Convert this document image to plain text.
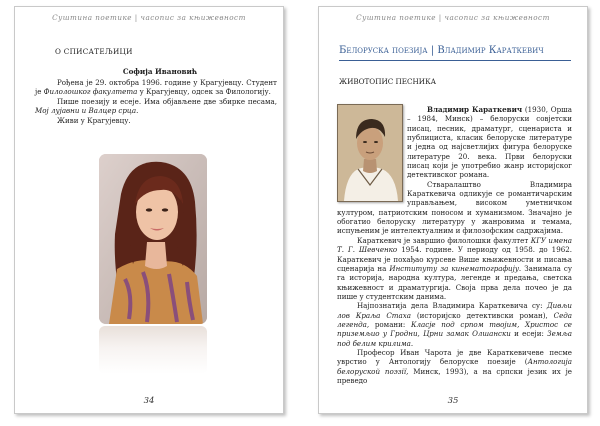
Суштина поетике | часопис за књижевност
О СПИСАТЕЉИЦИ
Софија Ивановић

Рођена је 29. октобра 1996. године у Крагујевцу. Студент је Филолошког факултета у Крагујевцу, одсек за Филологију.

Пише поезију и есеје. Има објављене две збирке песама, Мој лујавни и Валцер срца.

Живи у Крагујевцу.

34
Суштина поетике | часопис за књижевност
Белоруска поезија | Владимир Караткевич
ЖИВОТОПИС ПЕСНИКА

Владимир Караткевич (1930, Орша – 1984, Минск) – белоруски совјетски писац, песник, драматург, сценариста и публициста, класик белоруске литературе и једна од најсветлијих фигура белоруске литературе 20. века. Први белоруски писац који је употребио жанр историјског детективског романа.

Стваралаштво Владимира Караткевича одликује се романтичарским управљањем, високом уметничком културом, патриотским поносом и хуманизмом. Значајно је обогатио белоруску литературу у жанровима и темама, испуњеним је интелектуалним и филозофским садржајима.

Караткевич је завршио филолошки факултет КГУ имена Т. Г. Шевченко 1954. године. У периоду од 1958. до 1962. Караткевич је похађао курсеве Више књижевности и писања сценарија на Институту за кинематографију. Занимала су га историја, народна култура, легенде и предања, светска књижевност и драматургија. Своја прва дела почео је да пише у студентским данима.

Најпознатија дела Владимира Караткевича су: Дивљи лов Краља Стаха (историјско детективски роман), Седа легенда, романи: Класје под српом твојим, Христос се приземљио у Гродни, Црни замак Олшански и есеји: Земља под белим крилима.

Професор Иван Чарота је две Караткевичеве песме уврстио у Антологију белоруске поезије (Антологија белоруской поэзії, Минск, 1993), а на српски језик их је преведо

35
